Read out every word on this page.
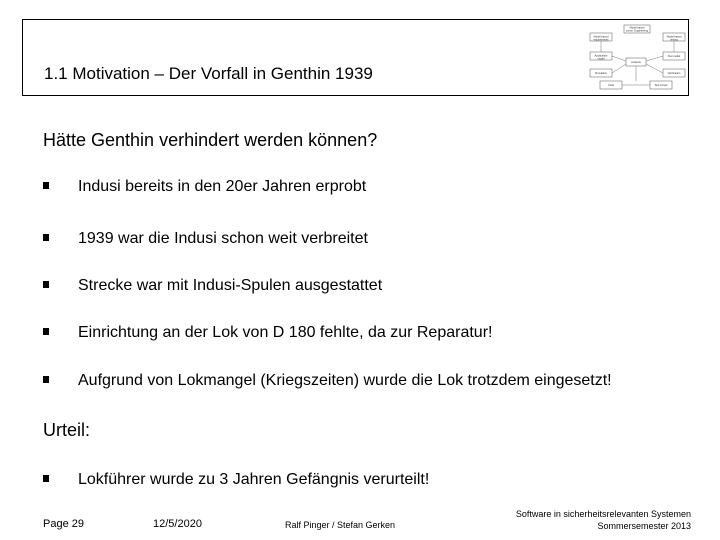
1.1 Motivation – Der Vorfall in Genthin 1939
Model based constr. Engineering
Model based requirements
Model based testing
Application model
Test model
Analysis
Simulation	Verification
Code	Test scripts
Hätte Genthin verhindert werden können?
Indusi bereits in den 20er Jahren erprobt
1939 war die Indusi schon weit verbreitet
Strecke war mit Indusi-Spulen ausgestattet
Einrichtung an der Lok von D 180 fehlte, da zur Reparatur!
Aufgrund von Lokmangel (Kriegszeiten) wurde die Lok trotzdem eingesetzt!
Urteil:
Lokführer wurde zu 3 Jahren Gefängnis verurteilt!
Page 29	12/5/2020	Ralf Pinger / Stefan Gerken
Software in sicherheitsrelevanten Systemen
Sommersemester 2013
